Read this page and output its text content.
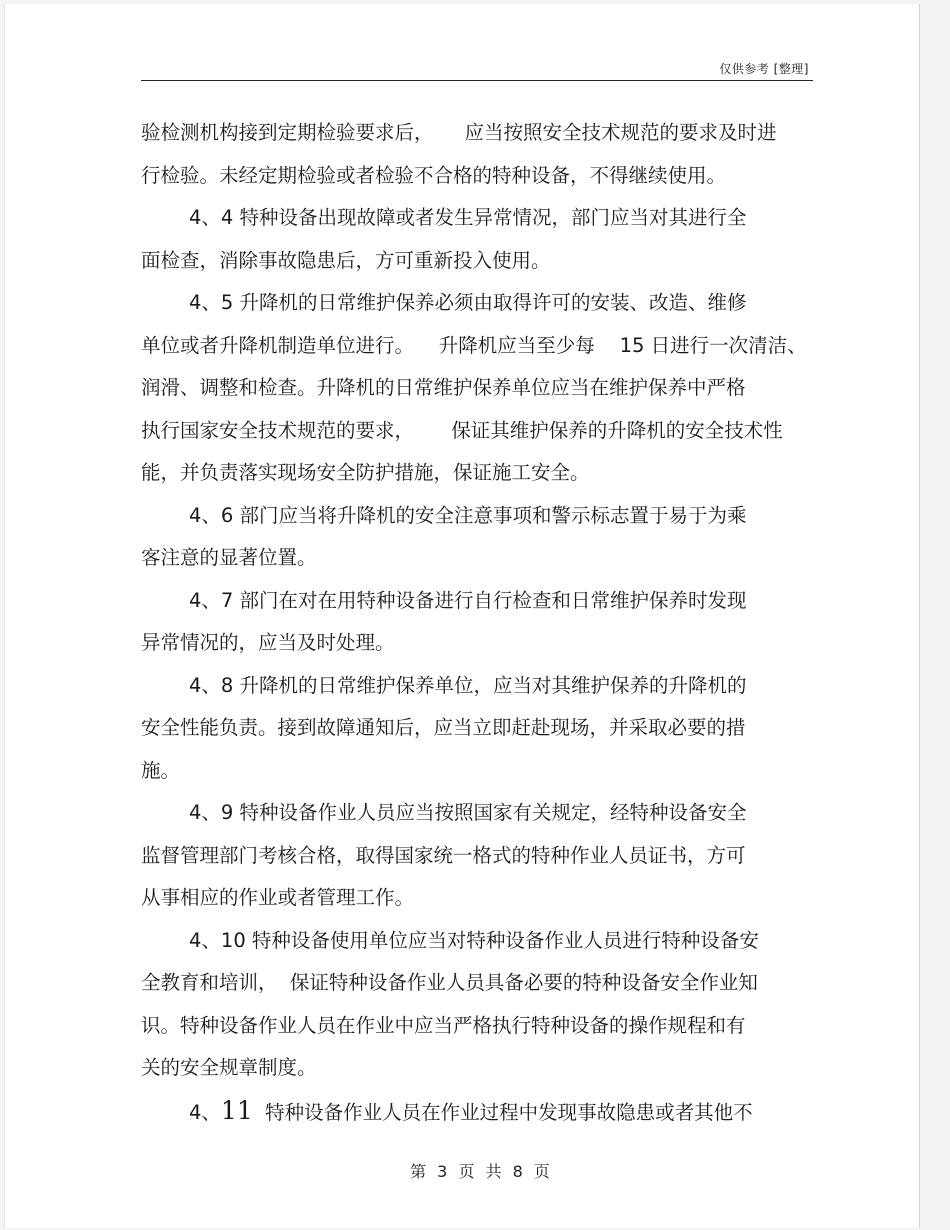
仅供参考 [整理]
验检测机构接到定期检验要求后，     应当按照安全技术规范的要求及时进
行检验。未经定期检验或者检验不合格的特种设备，不得继续使用。
4、4 特种设备出现故障或者发生异常情况，部门应当对其进行全
面检查，消除事故隐患后，方可重新投入使用。
4、5 升降机的日常维护保养必须由取得许可的安装、改造、维修
单位或者升降机制造单位进行。    升降机应当至少每    15 日进行一次清洁、
润滑、调整和检查。升降机的日常维护保养单位应当在维护保养中严格
执行国家安全技术规范的要求，      保证其维护保养的升降机的安全技术性
能，并负责落实现场安全防护措施，保证施工安全。
4、6 部门应当将升降机的安全注意事项和警示标志置于易于为乘
客注意的显著位置。
4、7 部门在对在用特种设备进行自行检查和日常维护保养时发现
异常情况的，应当及时处理。
4、8 升降机的日常维护保养单位，应当对其维护保养的升降机的
安全性能负责。接到故障通知后，应当立即赶赴现场，并采取必要的措
施。
4、9 特种设备作业人员应当按照国家有关规定，经特种设备安全
监督管理部门考核合格，取得国家统一格式的特种作业人员证书，方可
从事相应的作业或者管理工作。
4、10 特种设备使用单位应当对特种设备作业人员进行特种设备安
全教育和培训，  保证特种设备作业人员具备必要的特种设备安全作业知
识。特种设备作业人员在作业中应当严格执行特种设备的操作规程和有
关的安全规章制度。
4、11  特种设备作业人员在作业过程中发现事故隐患或者其他不
第 3 页 共 8 页
